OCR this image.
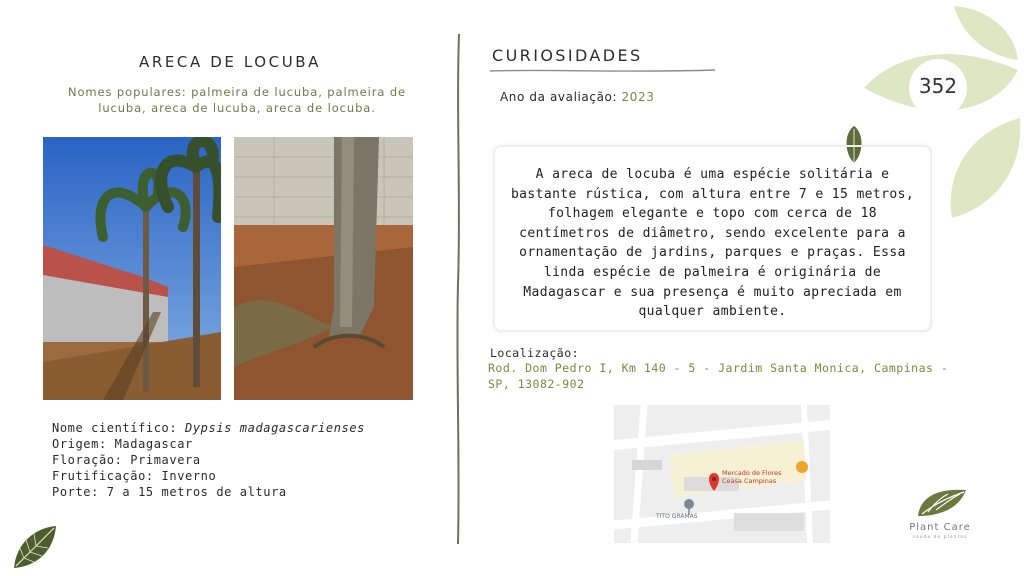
352
ARECA DE LOCUBA
Nomes populares: palmeira de lucuba, palmeira de lucuba, areca de lucuba, areca de locuba.
Nome científico: Dypsis madagascarienses
Origem: Madagascar
Floração: Primavera
Frutificação: Inverno
Porte: 7 a 15 metros de altura
CURIOSIDADES
Ano da avaliação: 2023
A areca de locuba é uma espécie solitária e bastante rústica, com altura entre 7 e 15 metros, folhagem elegante e topo com cerca de 18 centímetros de diâmetro, sendo excelente para a ornamentação de jardins, parques e praças. Essa linda espécie de palmeira é originária de Madagascar e sua presença é muito apreciada em qualquer ambiente.
Localização:
Rod. Dom Pedro I, Km 140 - 5 - Jardim Santa Monica, Campinas - SP, 13082-902
Mercado de Flores
Ceasa Campinas
TITO GRAMAS
Plant Care
saúde de plantas
